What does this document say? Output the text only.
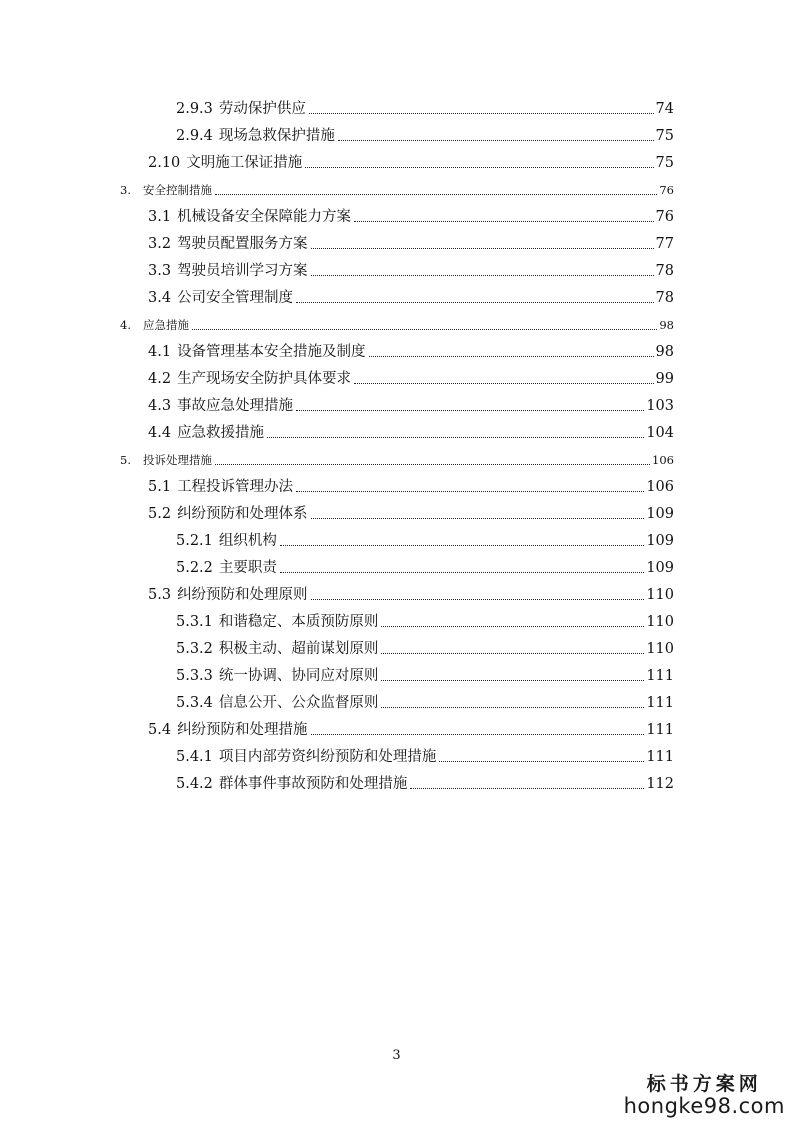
2.9.3 劳动保护供应	74
2.9.4 现场急救保护措施	75
2.10 文明施工保证措施	75
3. 安全控制措施	76
3.1 机械设备安全保障能力方案	76
3.2 驾驶员配置服务方案	77
3.3 驾驶员培训学习方案	78
3.4 公司安全管理制度	78
4. 应急措施	98
4.1 设备管理基本安全措施及制度	98
4.2 生产现场安全防护具体要求	99
4.3 事故应急处理措施	103
4.4 应急救援措施	104
5. 投诉处理措施	106
5.1 工程投诉管理办法	106
5.2 纠纷预防和处理体系	109
5.2.1 组织机构	109
5.2.2 主要职责	109
5.3 纠纷预防和处理原则	110
5.3.1 和谐稳定、本质预防原则	110
5.3.2 积极主动、超前谋划原则	110
5.3.3 统一协调、协同应对原则	111
5.3.4 信息公开、公众监督原则	111
5.4 纠纷预防和处理措施	111
5.4.1 项目内部劳资纠纷预防和处理措施	111
5.4.2 群体事件事故预防和处理措施	112
3
标书方案网
hongke98.com
